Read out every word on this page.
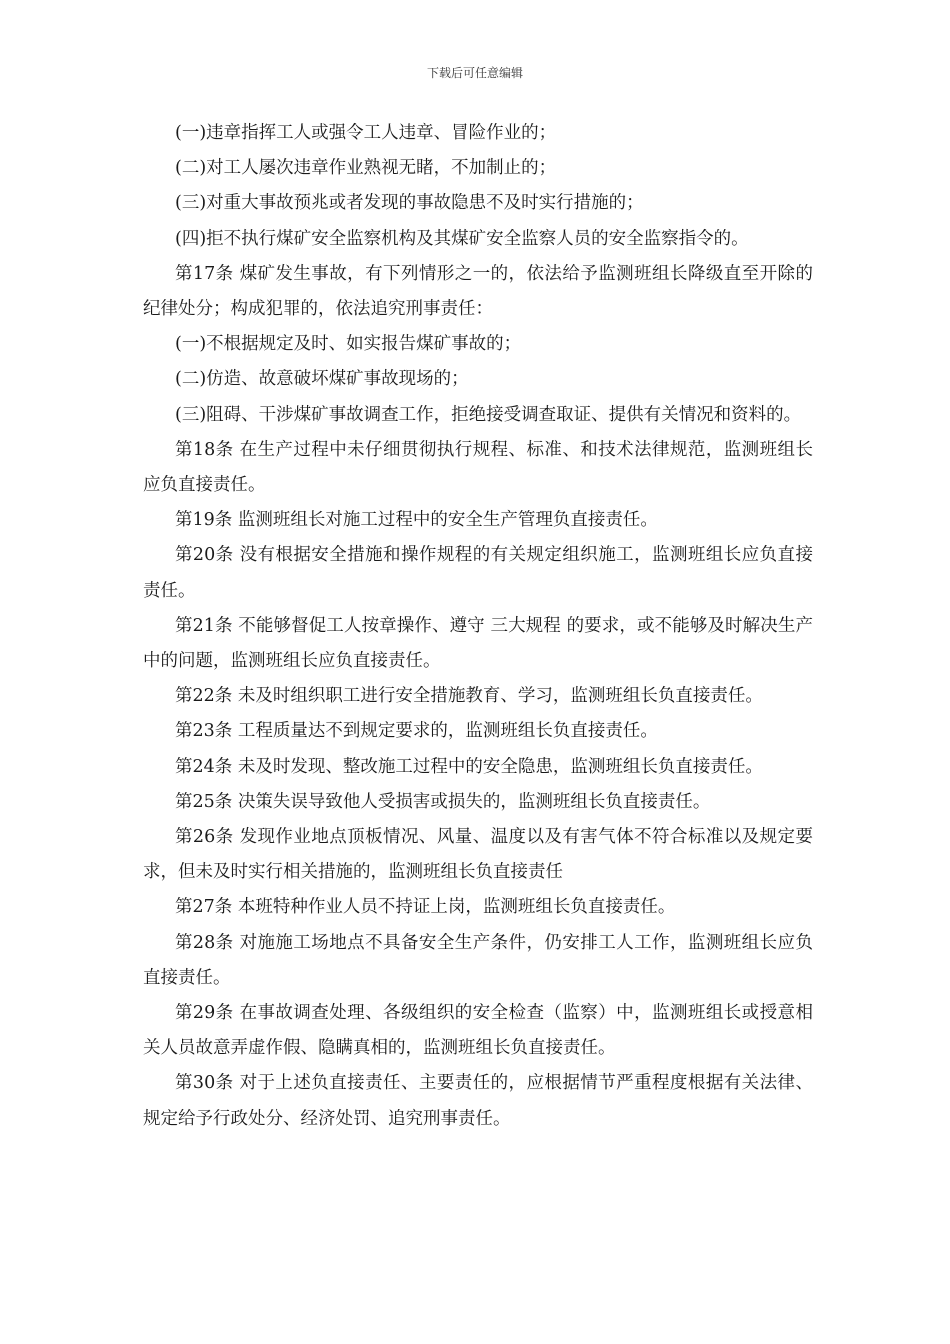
下载后可任意编辑

(一)违章指挥工人或强令工人违章、冒险作业的；

(二)对工人屡次违章作业熟视无睹，不加制止的；

(三)对重大事故预兆或者发现的事故隐患不及时实行措施的；

(四)拒不执行煤矿安全监察机构及其煤矿安全监察人员的安全监察指令的。

第17条 煤矿发生事故，有下列情形之一的，依法给予监测班组长降级直至开除的纪律处分；构成犯罪的，依法追究刑事责任：

(一)不根据规定及时、如实报告煤矿事故的；

(二)仿造、故意破坏煤矿事故现场的；

(三)阻碍、干涉煤矿事故调查工作，拒绝接受调查取证、提供有关情况和资料的。

第18条 在生产过程中未仔细贯彻执行规程、标准、和技术法律规范，监测班组长应负直接责任。

第19条 监测班组长对施工过程中的安全生产管理负直接责任。

第20条 没有根据安全措施和操作规程的有关规定组织施工，监测班组长应负直接责任。

第21条 不能够督促工人按章操作、遵守 三大规程 的要求，或不能够及时解决生产中的问题，监测班组长应负直接责任。

第22条 未及时组织职工进行安全措施教育、学习，监测班组长负直接责任。

第23条 工程质量达不到规定要求的，监测班组长负直接责任。

第24条 未及时发现、整改施工过程中的安全隐患，监测班组长负直接责任。

第25条 决策失误导致他人受损害或损失的，监测班组长负直接责任。

第26条 发现作业地点顶板情况、风量、温度以及有害气体不符合标准以及规定要求，但未及时实行相关措施的，监测班组长负直接责任

第27条 本班特种作业人员不持证上岗，监测班组长负直接责任。

第28条 对施施工场地点不具备安全生产条件，仍安排工人工作，监测班组长应负直接责任。

第29条 在事故调查处理、各级组织的安全检查（监察）中，监测班组长或授意相关人员故意弄虚作假、隐瞒真相的，监测班组长负直接责任。

第30条 对于上述负直接责任、主要责任的，应根据情节严重程度根据有关法律、规定给予行政处分、经济处罚、追究刑事责任。
